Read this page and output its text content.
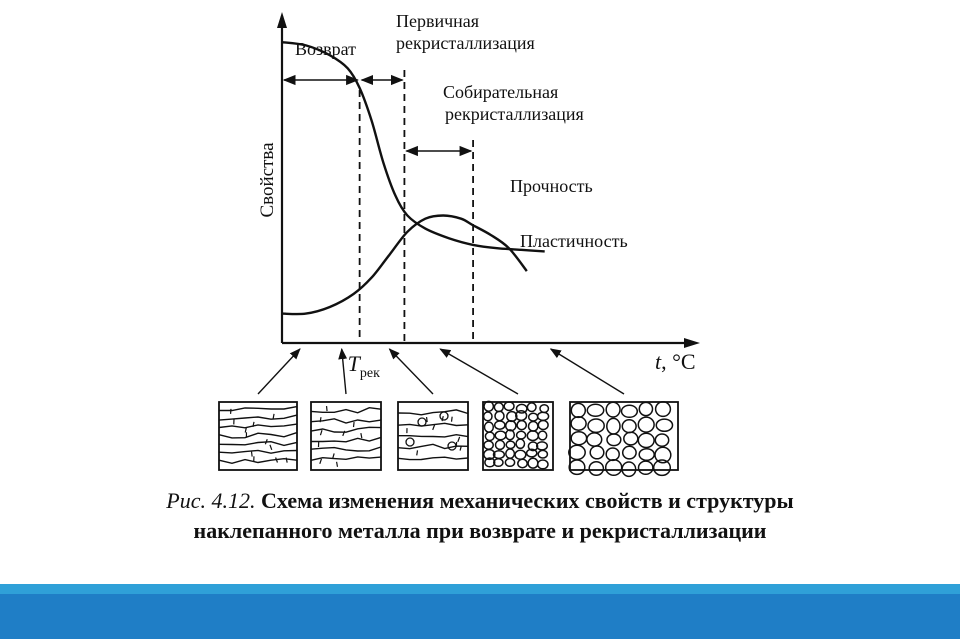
Свойства
t, °C
$T_{рек}$
Возврат
Первичная
рекристаллизация
Собирательная
рекристаллизация
Прочность
Пластичность
Рис. 4.12. Схема изменения механических свойств и структуры
наклепанного металла при возврате и рекристаллизации
